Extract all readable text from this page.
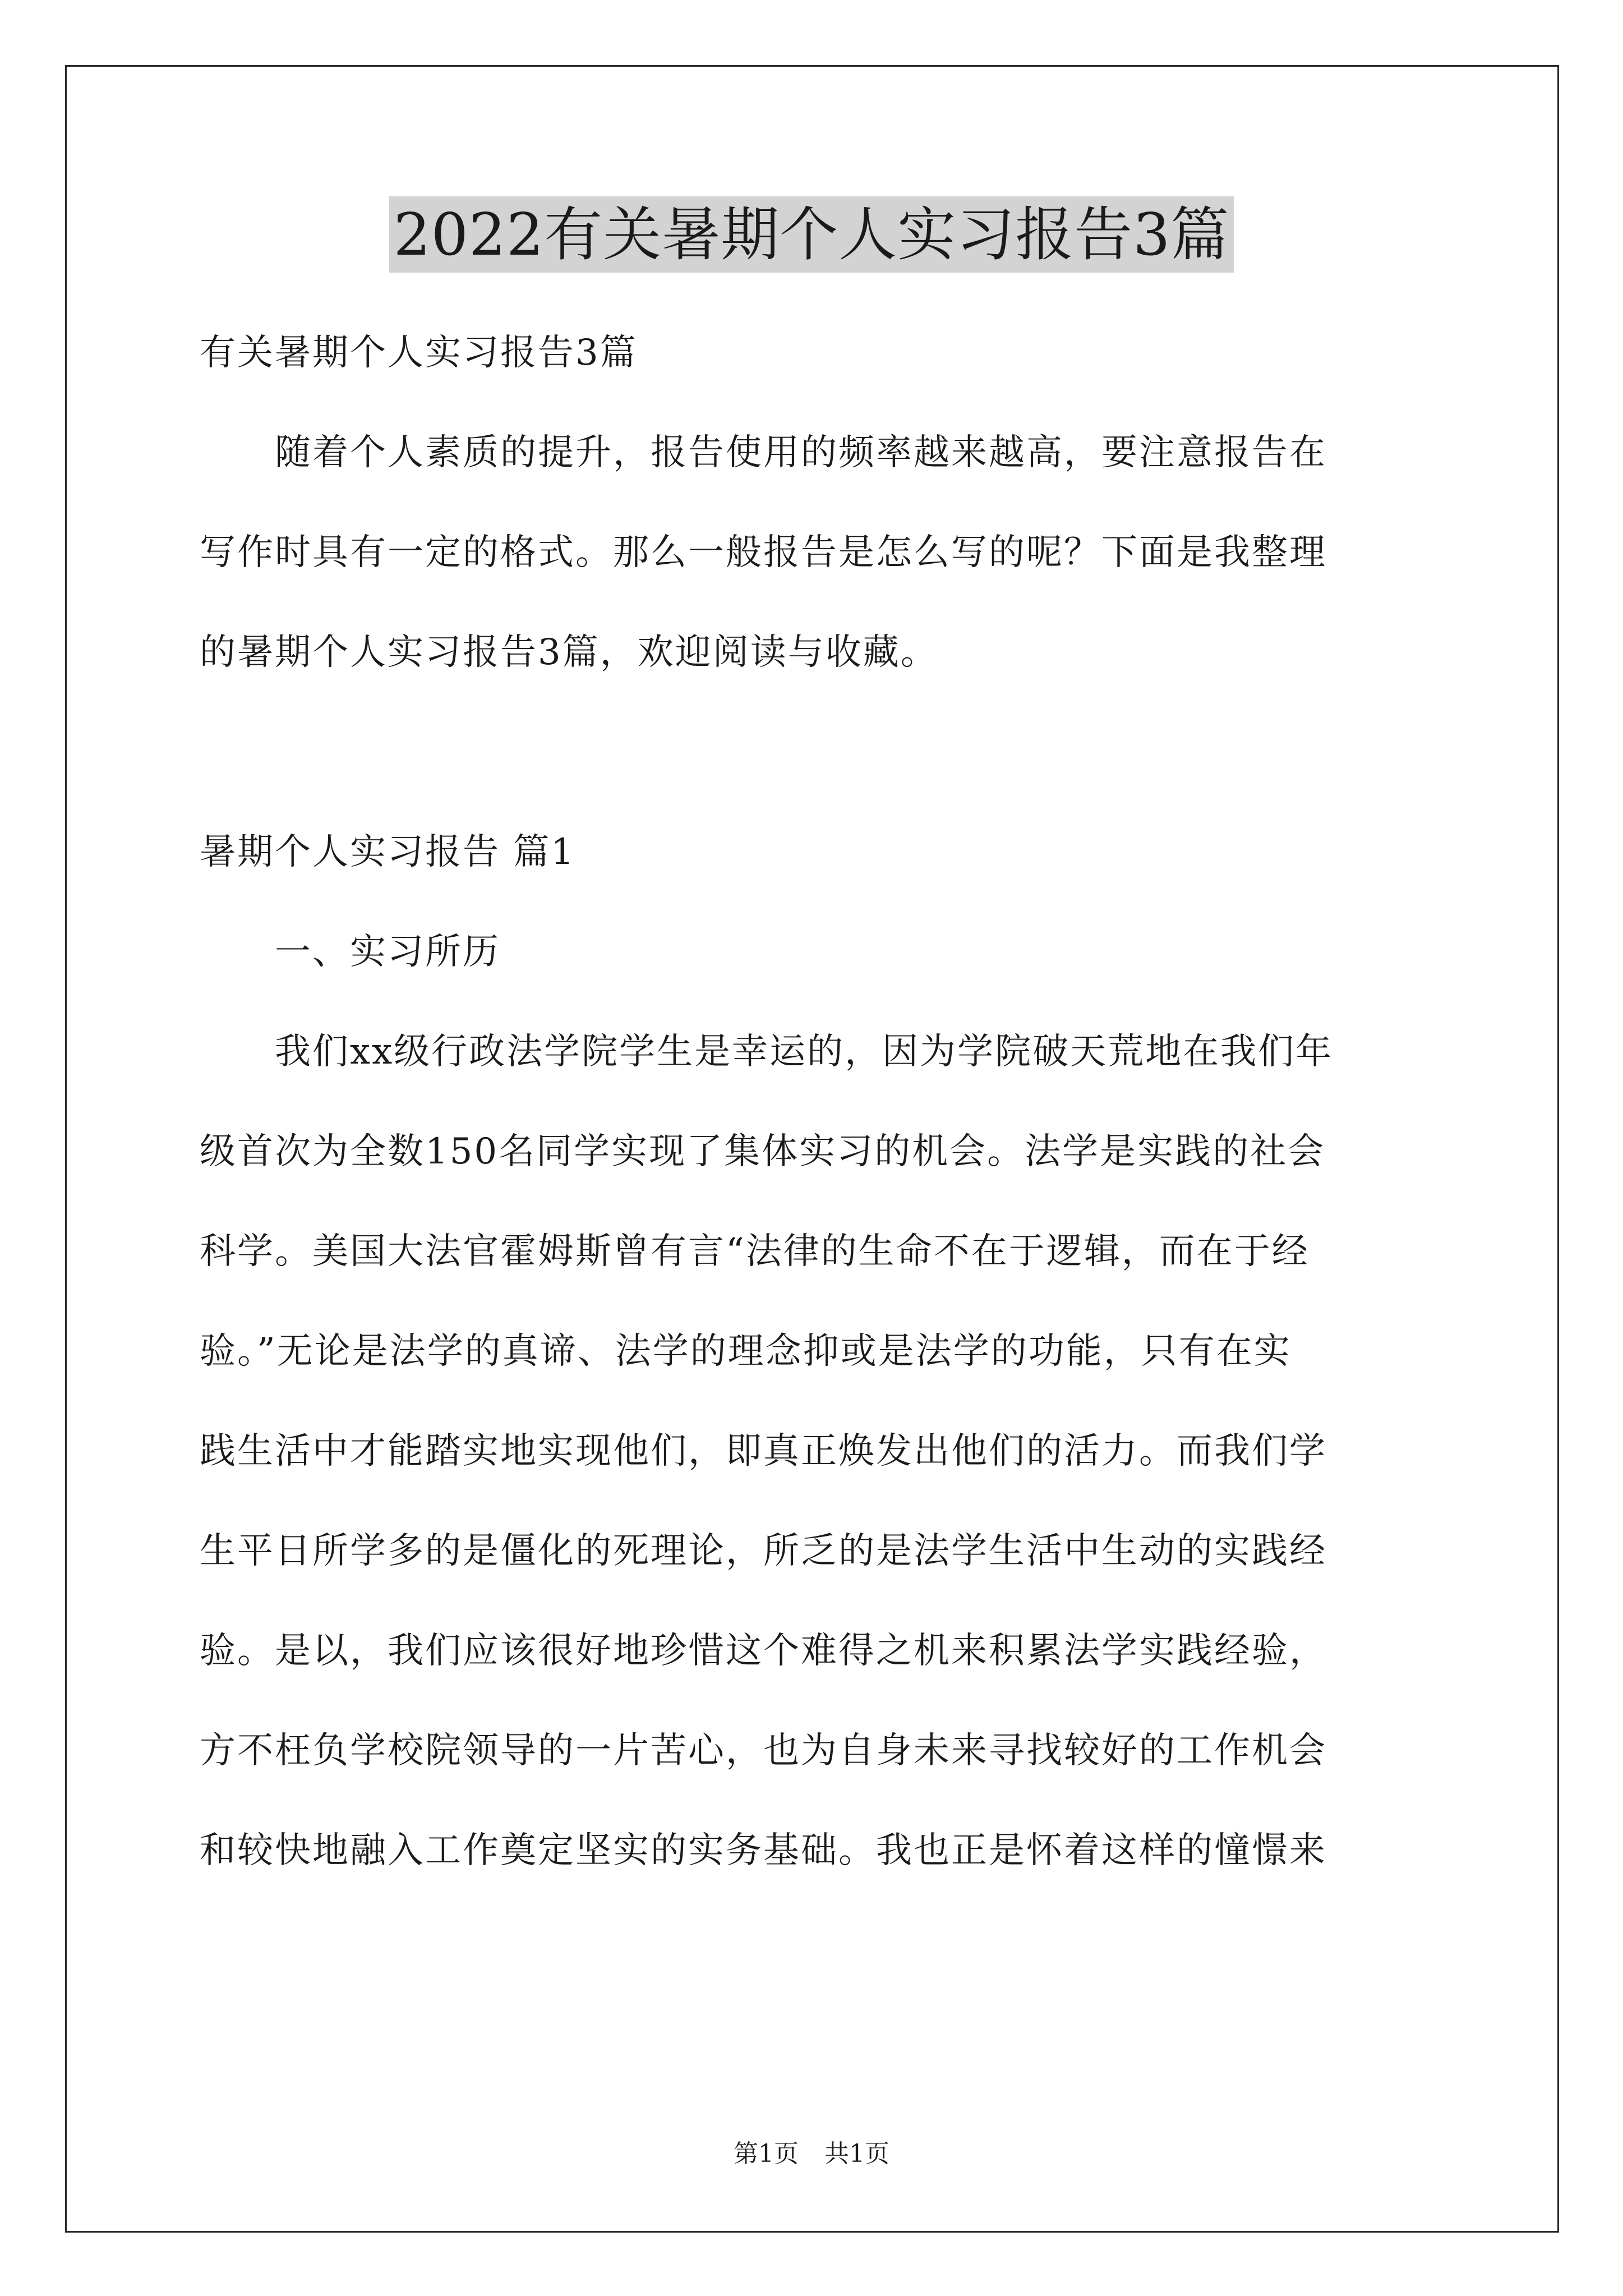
2022有关暑期个人实习报告3篇
有关暑期个人实习报告3篇
　　随着个人素质的提升，报告使用的频率越来越高，要注意报告在
写作时具有一定的格式。那么一般报告是怎么写的呢？下面是我整理
的暑期个人实习报告3篇，欢迎阅读与收藏。
暑期个人实习报告 篇1
　　一、实习所历
　　我们xx级行政法学院学生是幸运的，因为学院破天荒地在我们年
级首次为全数150名同学实现了集体实习的机会。法学是实践的社会
科学。美国大法官霍姆斯曾有言“法律的生命不在于逻辑，而在于经
验。”无论是法学的真谛、法学的理念抑或是法学的功能，只有在实
践生活中才能踏实地实现他们，即真正焕发出他们的活力。而我们学
生平日所学多的是僵化的死理论，所乏的是法学生活中生动的实践经
验。是以，我们应该很好地珍惜这个难得之机来积累法学实践经验，
方不枉负学校院领导的一片苦心，也为自身未来寻找较好的工作机会
和较快地融入工作奠定坚实的实务基础。我也正是怀着这样的憧憬来
第1页 共1页
